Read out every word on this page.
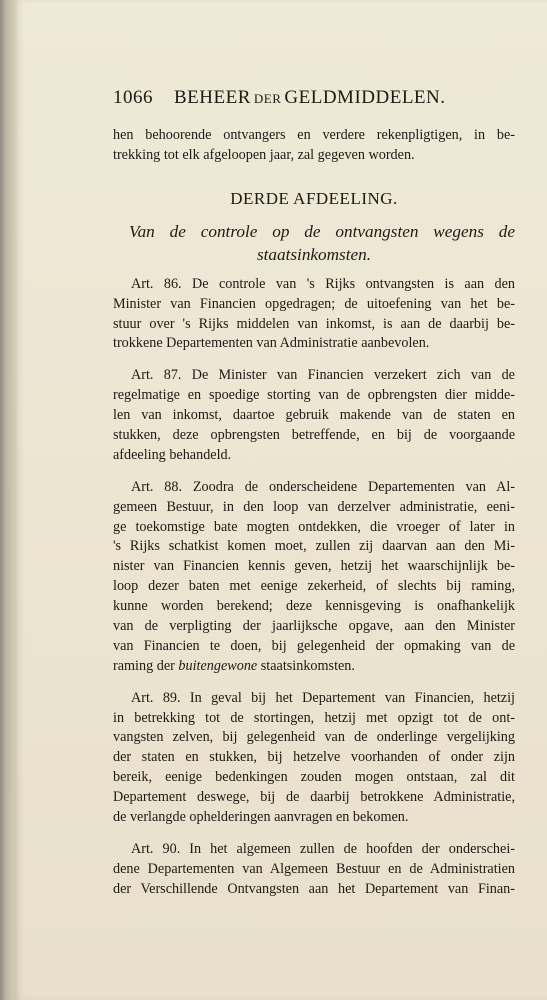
1066 BEHEER DER GELDMIDDELEN.
hen behoorende ontvangers en verdere rekenpligtigen, in be-
trekking tot elk afgeloopen jaar, zal gegeven worden.
DERDE AFDEELING.
Van de controle op de ontvangsten wegens de
staatsinkomsten.
Art. 86. De controle van 's Rijks ontvangsten is aan den
Minister van Financien opgedragen; de uitoefening van het be-
stuur over 's Rijks middelen van inkomst, is aan de daarbij be-
trokkene Departementen van Administratie aanbevolen.
Art. 87. De Minister van Financien verzekert zich van de
regelmatige en spoedige storting van de opbrengsten dier midde-
len van inkomst, daartoe gebruik makende van de staten en
stukken, deze opbrengsten betreffende, en bij de voorgaande
afdeeling behandeld.
Art. 88. Zoodra de onderscheidene Departementen van Al-
gemeen Bestuur, in den loop van derzelver administratie, eeni-
ge toekomstige bate mogten ontdekken, die vroeger of later in
's Rijks schatkist komen moet, zullen zij daarvan aan den Mi-
nister van Financien kennis geven, hetzij het waarschijnlijk be-
loop dezer baten met eenige zekerheid, of slechts bij raming,
kunne worden berekend; deze kennisgeving is onafhankelijk
van de verpligting der jaarlijksche opgave, aan den Minister
van Financien te doen, bij gelegenheid der opmaking van de
raming der buitengewone staatsinkomsten.
Art. 89. In geval bij het Departement van Financien, hetzij
in betrekking tot de stortingen, hetzij met opzigt tot de ont-
vangsten zelven, bij gelegenheid van de onderlinge vergelijking
der staten en stukken, bij hetzelve voorhanden of onder zijn
bereik, eenige bedenkingen zouden mogen ontstaan, zal dit
Departement deswege, bij de daarbij betrokkene Administratie,
de verlangde ophelderingen aanvragen en bekomen.
Art. 90. In het algemeen zullen de hoofden der onderschei-
dene Departementen van Algemeen Bestuur en de Administratien
der Verschillende Ontvangsten aan het Departement van Finan-
